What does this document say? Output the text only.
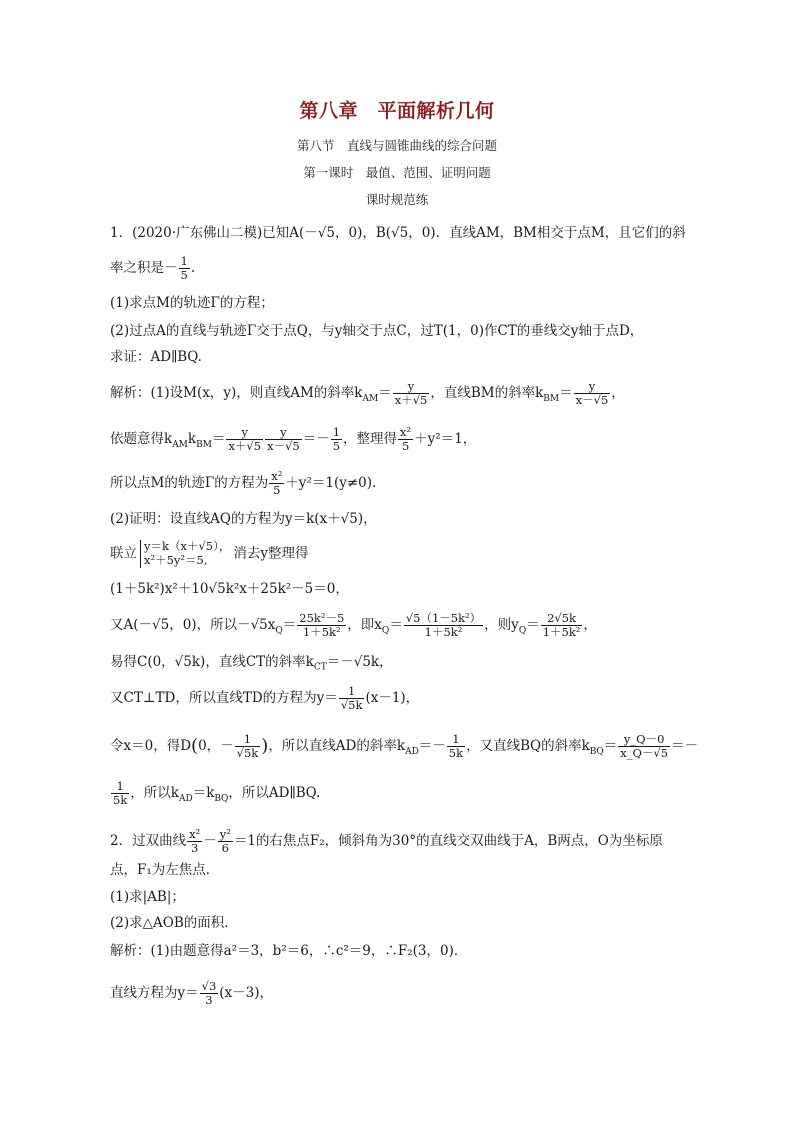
第八章　平面解析几何
第八节　直线与圆锥曲线的综合问题
第一课时　最值、范围、证明问题
课时规范练
1．(2020·广东佛山二模)已知A(－√5，0)，B(√5，0)．直线AM，BM相交于点M，且它们的斜
率之积是－ $\frac{1}{5}$ .
(1)求点M的轨迹Γ的方程；
(2)过点A的直线与轨迹Γ交于点Q，与y轴交于点C，过T(1，0)作CT的垂线交y轴于点D，
求证：AD∥BQ.
解析：(1)设M(x，y)，则直线AM的斜率$k_{AM}= \frac{y}{x+√5}$ ，直线BM的斜率$k_{BM}= \frac{y}{x-√5}$ ，
依题意得$k_{AM}k_{BM}= \frac{y}{x+√5} \frac{y}{x-√5} =- \frac{1}{5}$ ，整理得 $\frac{\text{x²}}{5} +y^2=1$，
所以点M的轨迹Γ的方程为 $\frac{\text{x²}}{5} +y^2=1(y\ne 0)$.
(2)证明：设直线AQ的方程为y＝k(x＋√5)，
联立 y＝k（x＋√5），
x²＋5y²＝5,	消去y整理得
(1＋5k²)x²＋10√5k²x＋25k²－5＝0，
又A(－√5，0)，所以$-√5x_Q= \frac{\text{25k²－5}}{\text{1＋5k²}}$ ，即$x_Q= \frac{\text{√5（1－5k²）}}{\text{1＋5k²}}$ ，则$y_Q= \frac{2√5k}{\text{1＋5k²}}$ ，
易得C(0，√5k)，直线CT的斜率$k_{CT}=-√5k$，
又CT⊥TD，所以直线TD的方程为$y= \frac{1}{√5k} (x-1)$，
令x＝0，得D(0，－ $\frac{1}{√5k}$ )，所以直线AD的斜率$k_{AD}=- \frac{1}{5k}$ ，又直线BQ的斜率$k_{BQ}= \frac{y\_Q-0}{x\_Q-√5}$ ＝－
$\frac{1}{5k}$ ，所以$k_{AD}=k_{BQ}$，所以AD∥BQ.
2．过双曲线 $\frac{\text{x²}}{3} - \frac{\text{y²}}{6} =1$的右焦点F₂，倾斜角为30°的直线交双曲线于A，B两点，O为坐标原
点，F₁为左焦点．
(1)求|AB|；
(2)求△AOB的面积．
解析：(1)由题意得a²＝3，b²＝6，∴c²＝9，∴F₂(3，0)．
直线方程为$y= \frac{√3}{3} (x-3)$，
